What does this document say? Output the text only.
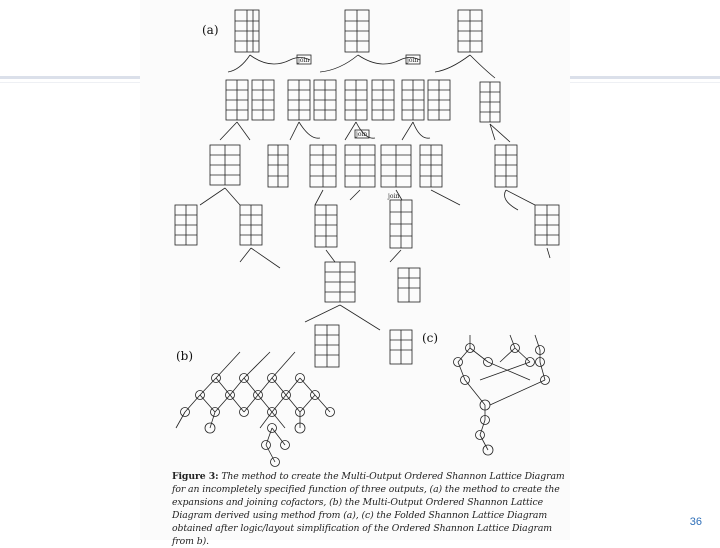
(a)
(b)
(c)
join	join
join
join
Figure 3: The method to create the Multi-Output Ordered Shannon Lattice Diagram for an incompletely specified function of three outputs, (a) the method to create the expansions and joining cofactors, (b) the Multi-Output Ordered Shannon Lattice Diagram derived using method from (a), (c) the Folded Shannon Lattice Diagram obtained after logic/layout simplification of the Ordered Shannon Lattice Diagram from b).
36
